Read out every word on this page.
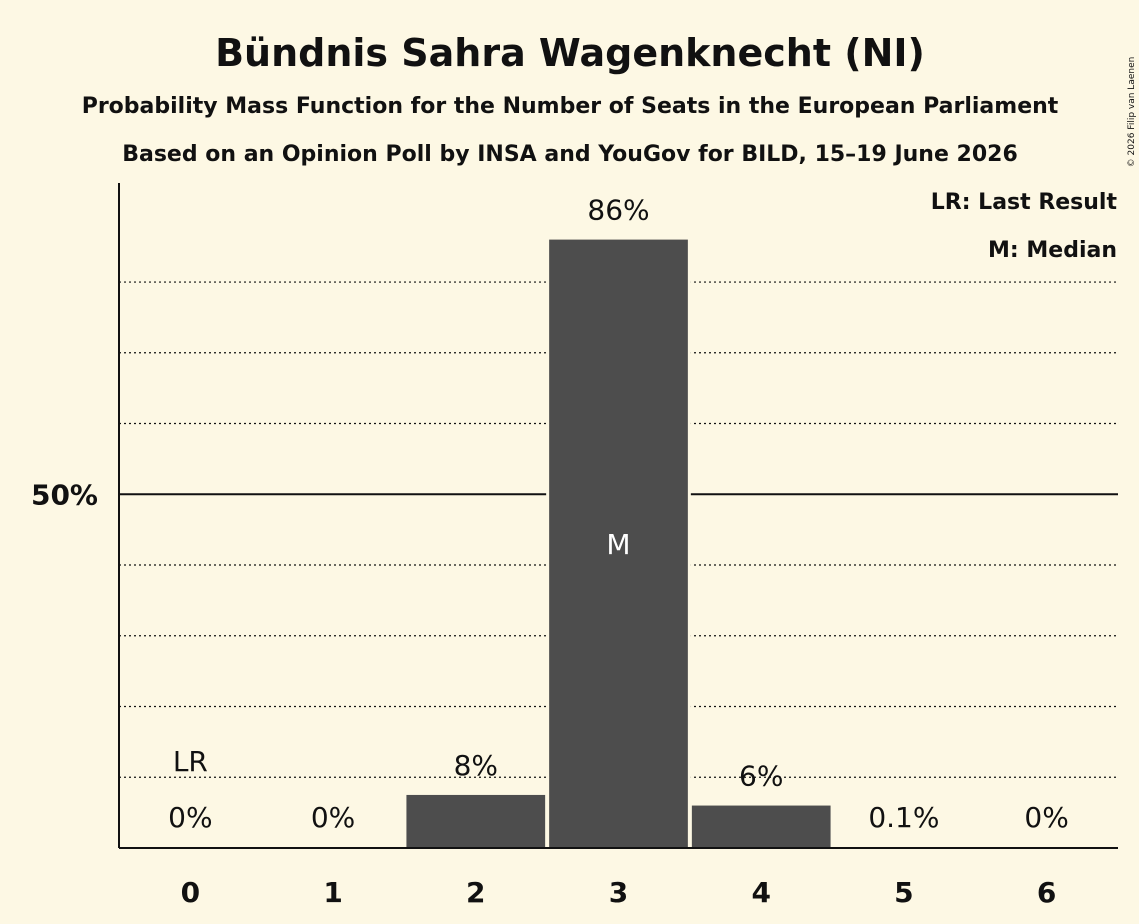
50%
0	1	2	3	4	5	6
0%	0%
8%
86%
6%
0.1%	0%
LR
M
Bündnis Sahra Wagenknecht (NI)
Probability Mass Function for the Number of Seats in the European Parliament
Based on an Opinion Poll by INSA and YouGov for BILD, 15–19 June 2026
LR: Last Result
M: Median
© 2026 Filip van Laenen
